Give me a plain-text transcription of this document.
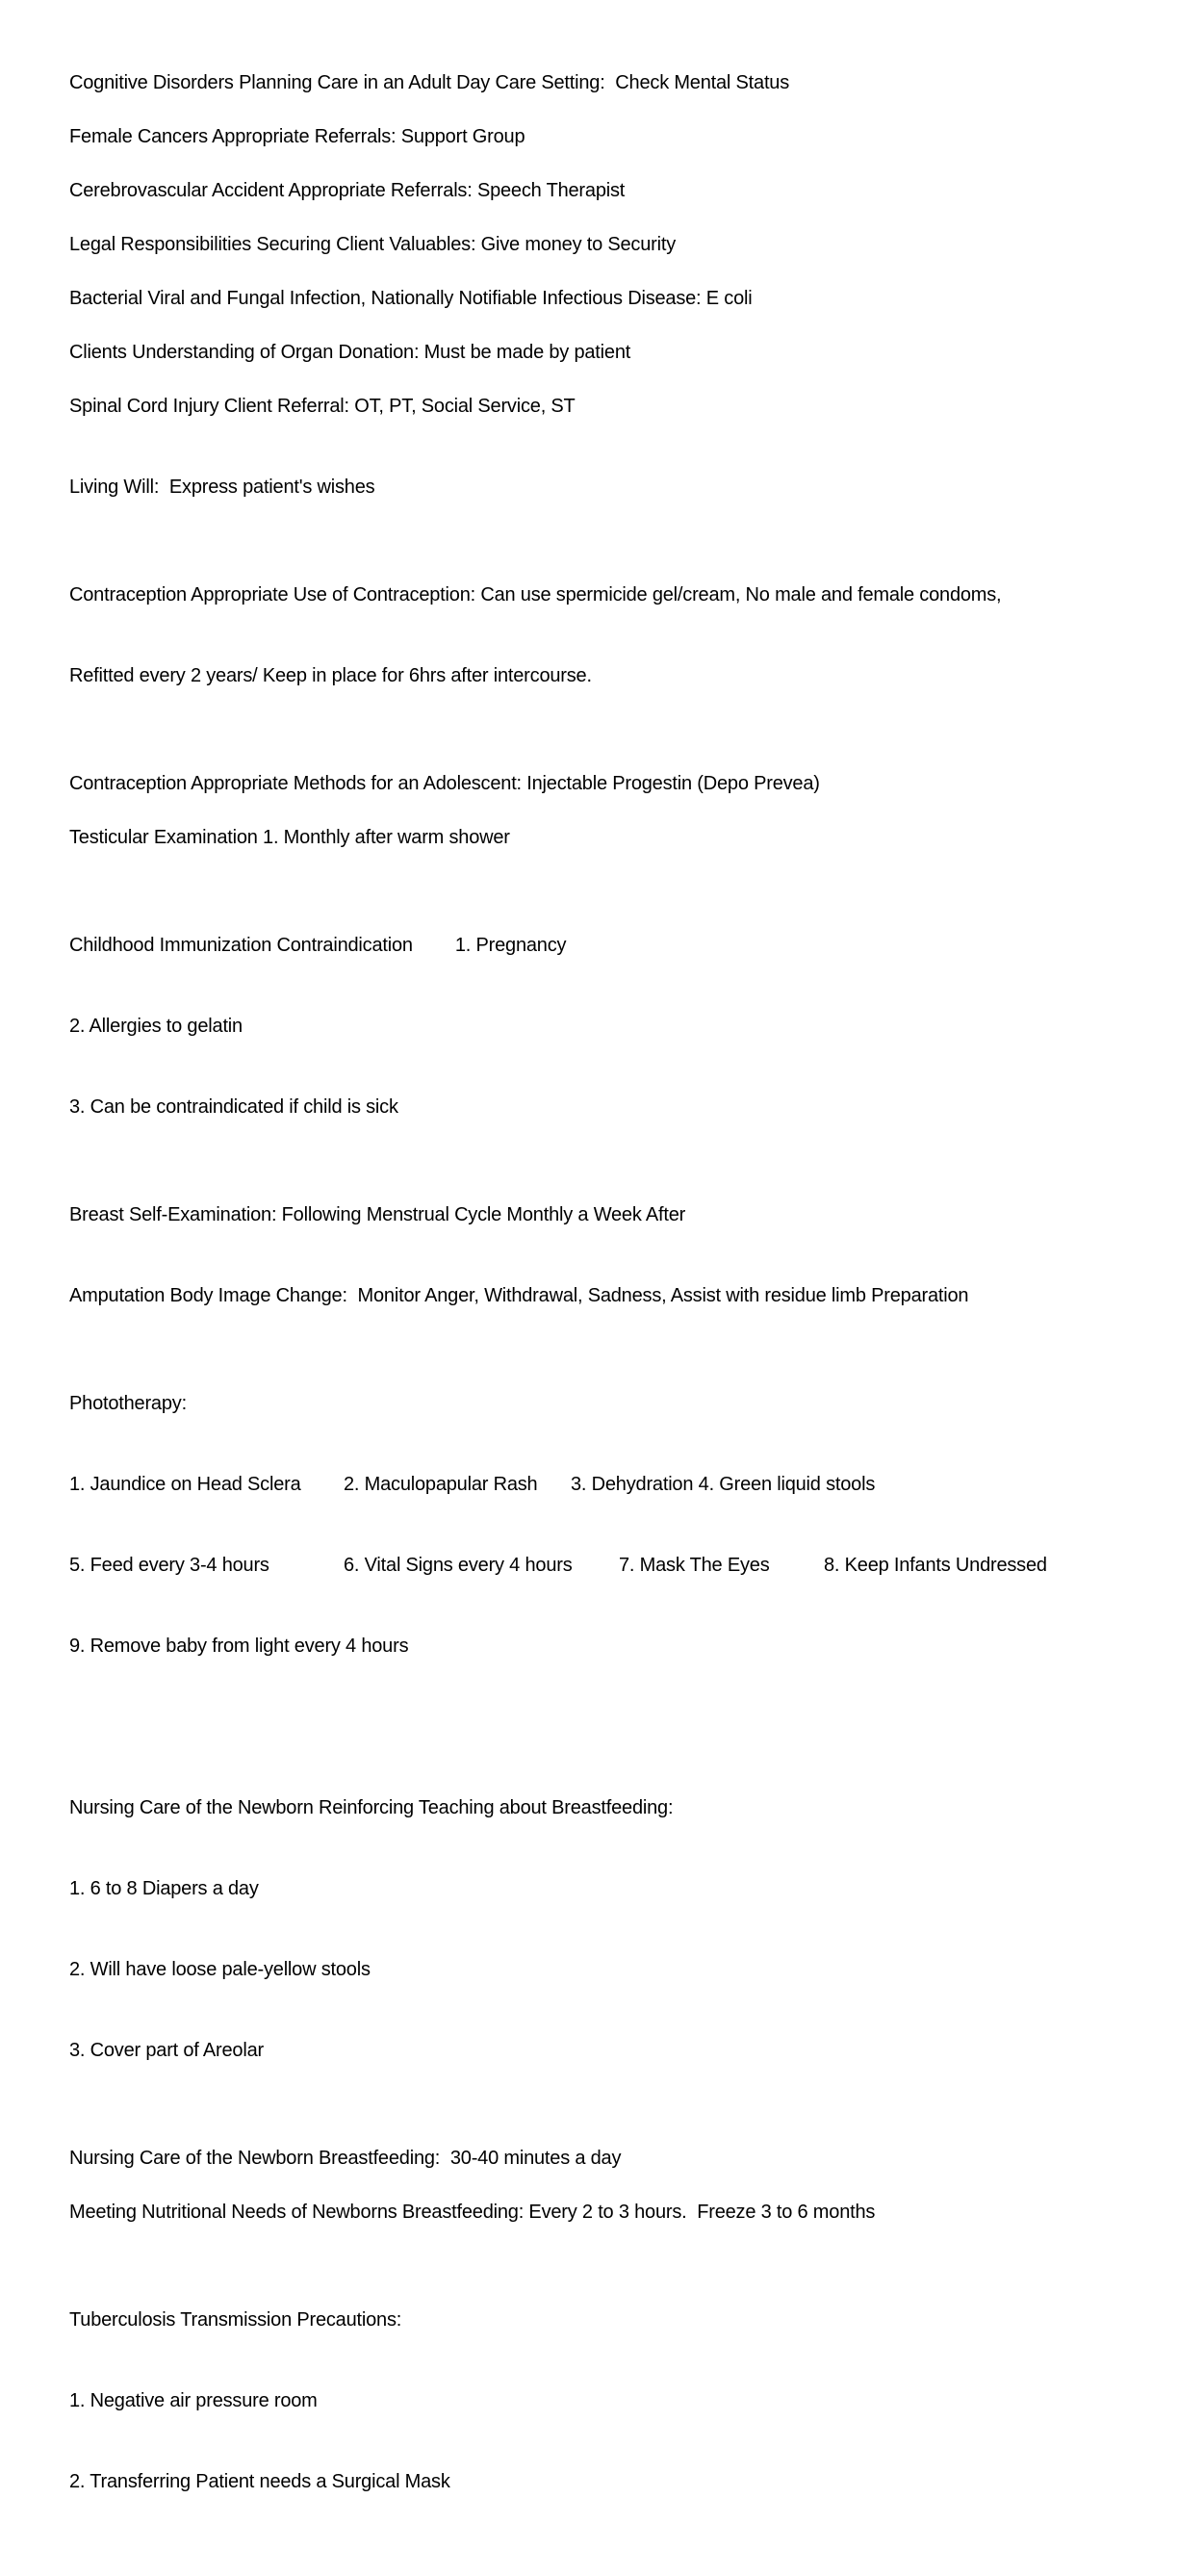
Cognitive Disorders Planning Care in an Adult Day Care Setting:  Check Mental Status

Female Cancers Appropriate Referrals: Support Group

Cerebrovascular Accident Appropriate Referrals: Speech Therapist

Legal Responsibilities Securing Client Valuables: Give money to Security

Bacterial Viral and Fungal Infection, Nationally Notifiable Infectious Disease: E coli

Clients Understanding of Organ Donation: Must be made by patient

Spinal Cord Injury Client Referral: OT, PT, Social Service, ST

Living Will:  Express patient's wishes

Contraception Appropriate Use of Contraception: Can use spermicide gel/cream, No male and female condoms,

Refitted every 2 years/ Keep in place for 6hrs after intercourse.

Contraception Appropriate Methods for an Adolescent: Injectable Progestin (Depo Prevea)

Testicular Examination 1. Monthly after warm shower

Childhood Immunization Contraindication 1. Pregnancy

2. Allergies to gelatin

3. Can be contraindicated if child is sick

Breast Self-Examination: Following Menstrual Cycle Monthly a Week After

Amputation Body Image Change:  Monitor Anger, Withdrawal, Sadness, Assist with residue limb Preparation

Phototherapy:

1. Jaundice on Head Sclera 2. Maculopapular Rash 3. Dehydration 4. Green liquid stools

5. Feed every 3-4 hours	6. Vital Signs every 4 hours 7. Mask The Eyes	8. Keep Infants Undressed

9. Remove baby from light every 4 hours

Nursing Care of the Newborn Reinforcing Teaching about Breastfeeding:

1. 6 to 8 Diapers a day

2. Will have loose pale-yellow stools

3. Cover part of Areolar

Nursing Care of the Newborn Breastfeeding:  30-40 minutes a day

Meeting Nutritional Needs of Newborns Breastfeeding: Every 2 to 3 hours.  Freeze 3 to 6 months

Tuberculosis Transmission Precautions:

1. Negative air pressure room

2. Transferring Patient needs a Surgical Mask
